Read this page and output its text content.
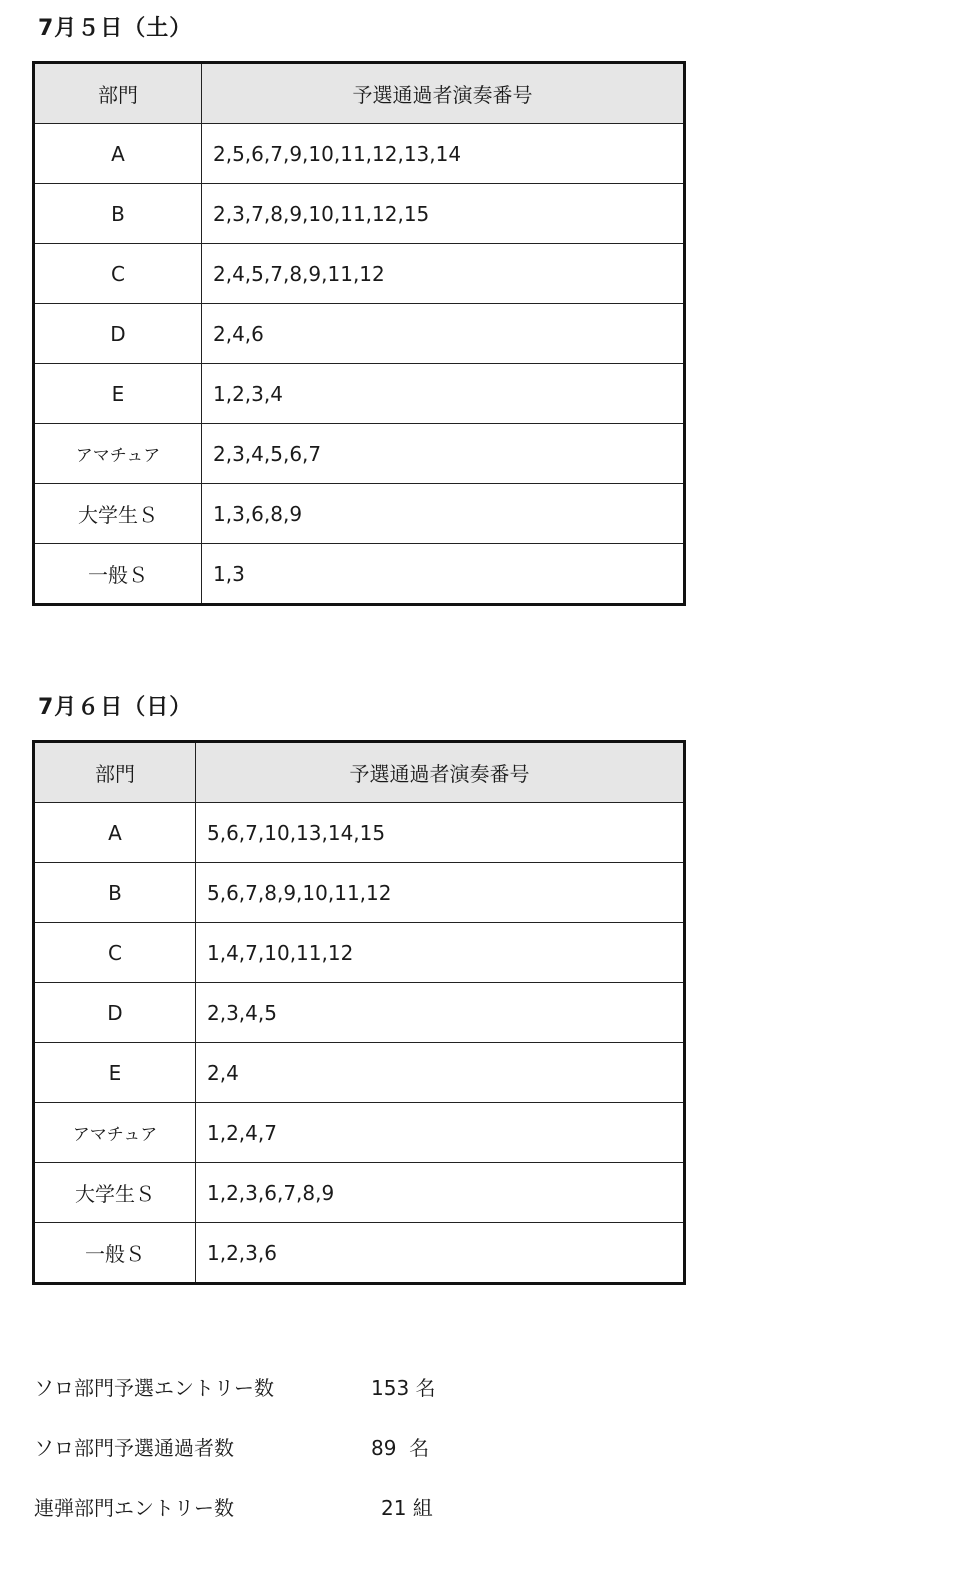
7月５日（土）
部門	予選通過者演奏番号
A	2,5,6,7,9,10,11,12,13,14
B	2,3,7,8,9,10,11,12,15
C	2,4,5,7,8,9,11,12
D	2,4,6
E	1,2,3,4
アマチュア	2,3,4,5,6,7
大学生Ｓ	1,3,6,8,9
一般Ｓ	1,3
7月６日（日）
部門	予選通過者演奏番号
A	5,6,7,10,13,14,15
B	5,6,7,8,9,10,11,12
C	1,4,7,10,11,12
D	2,3,4,5
E	2,4
アマチュア	1,2,4,7
大学生Ｓ	1,2,3,6,7,8,9
一般Ｓ	1,2,3,6
ソロ部門予選エントリー数	153 名
ソロ部門予選通過者数	89  名
連弾部門エントリー数	21 組
